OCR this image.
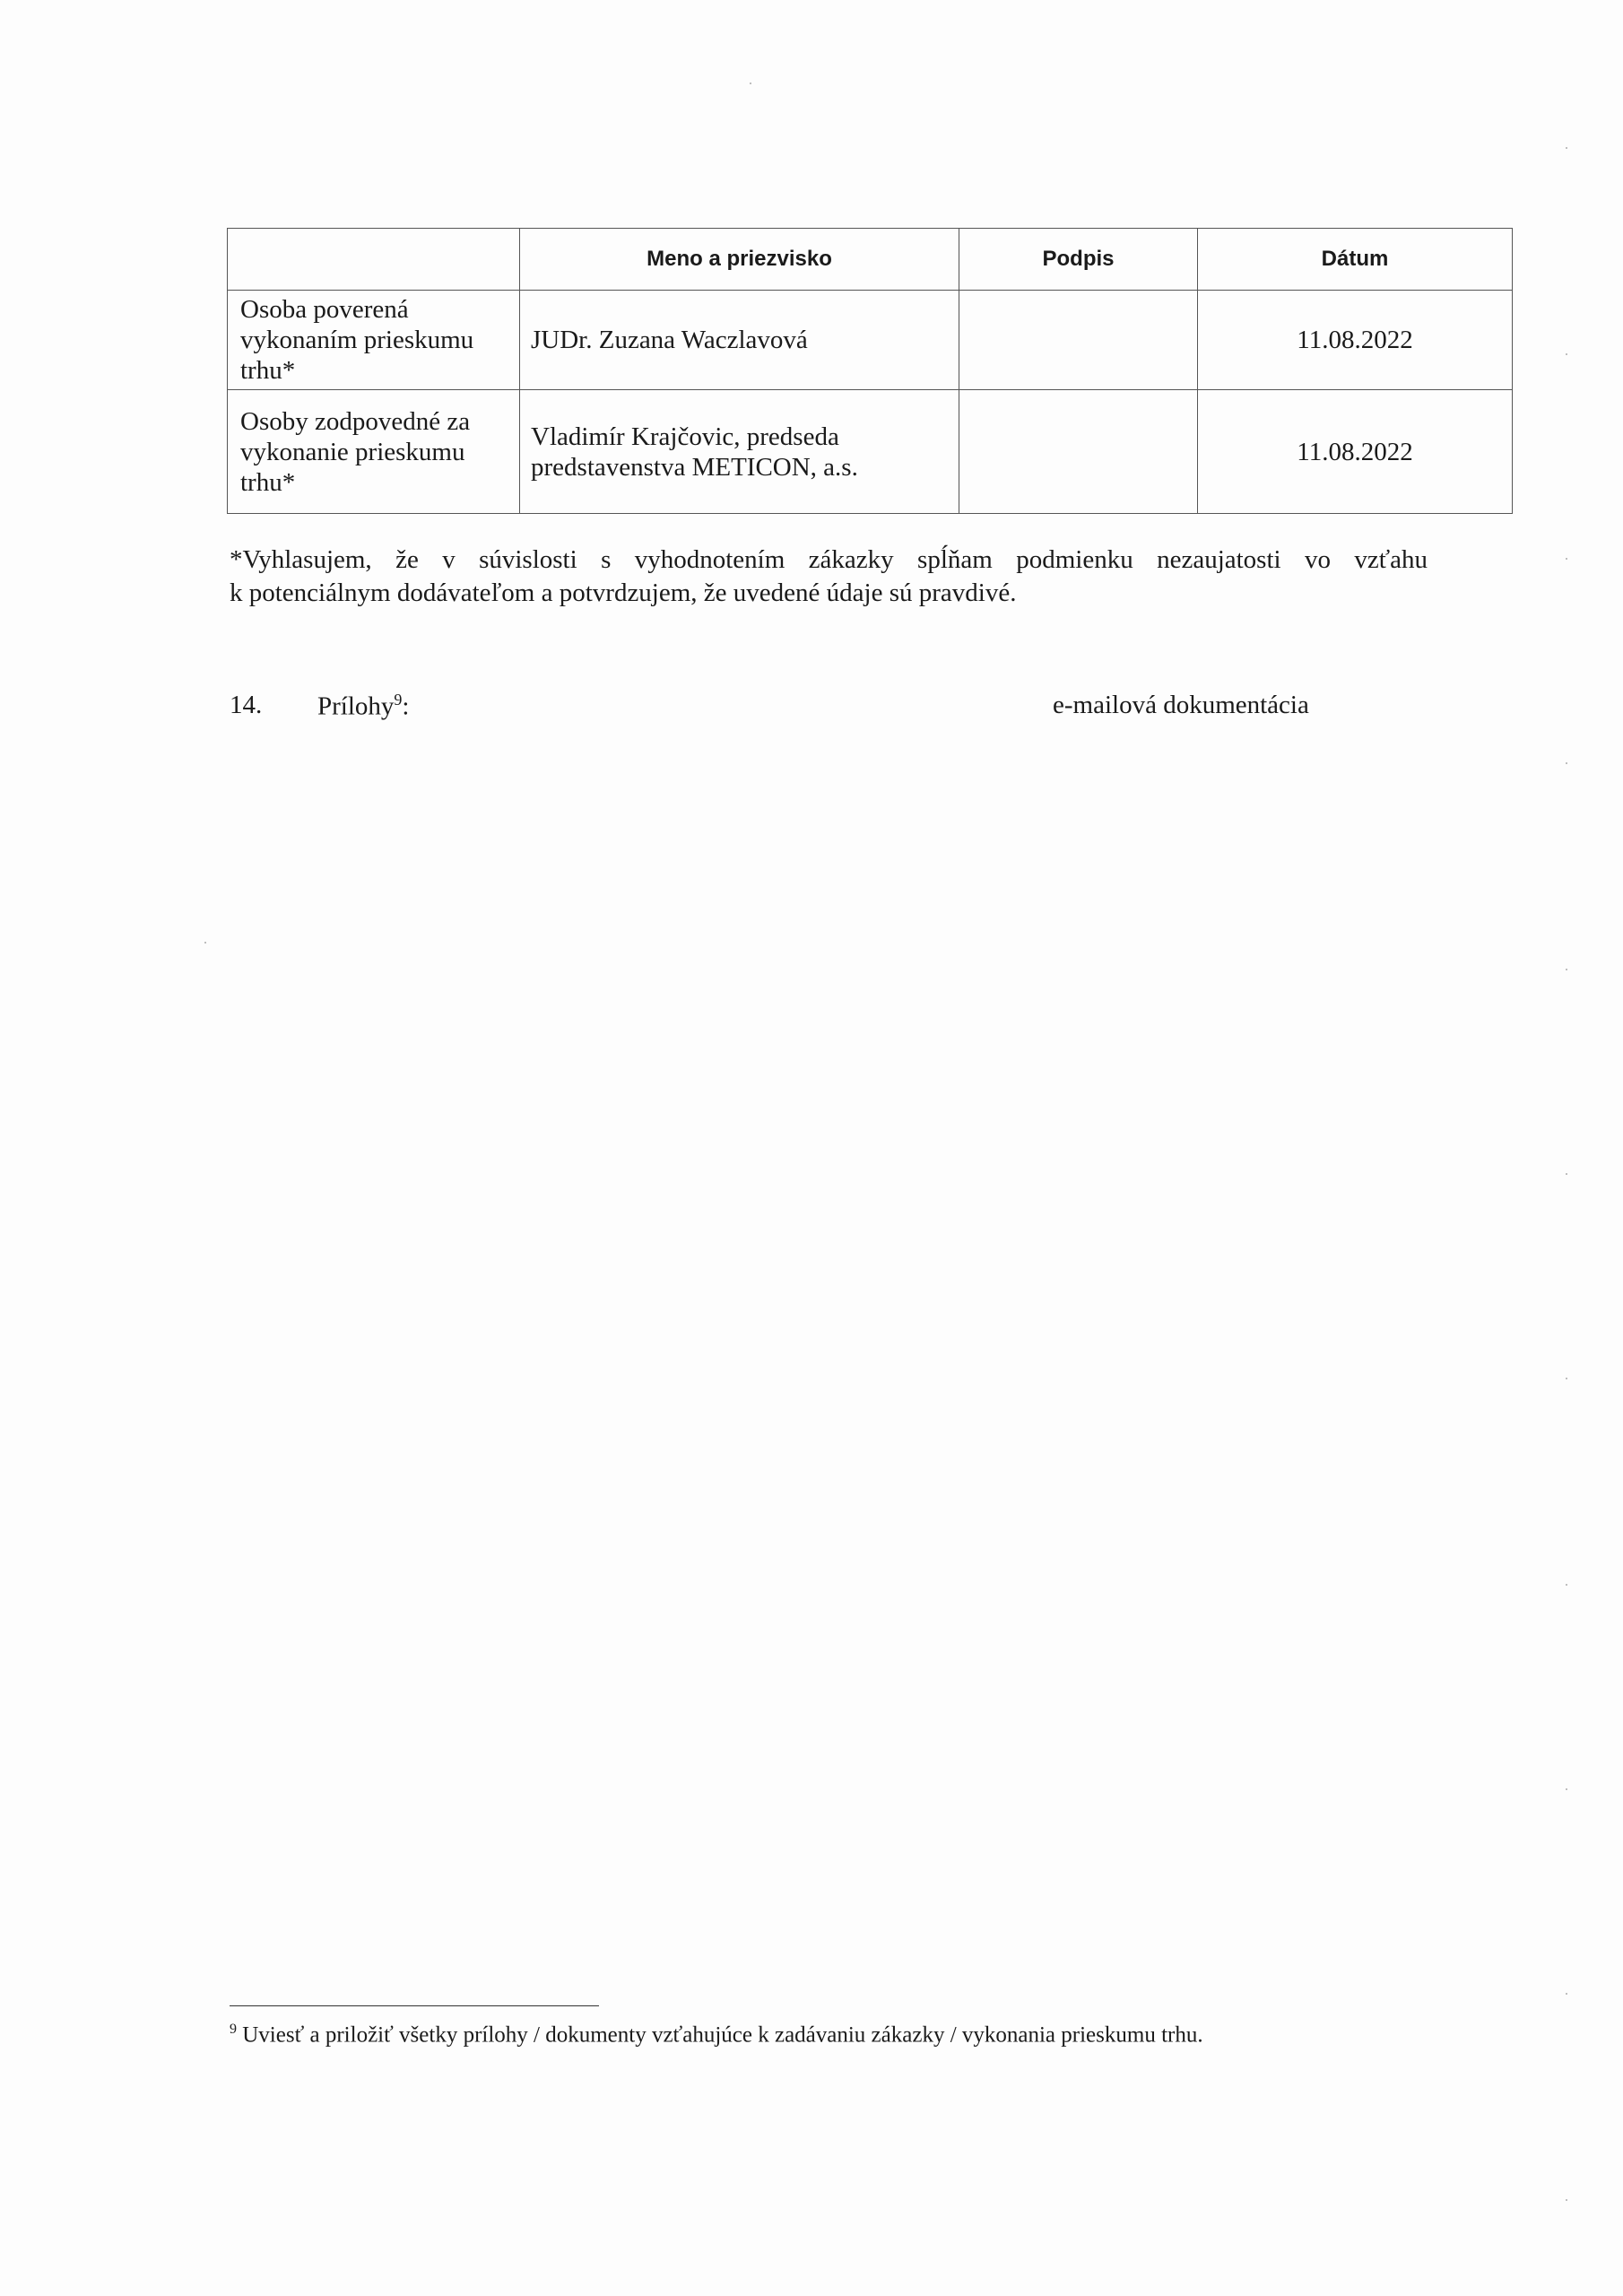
	Meno a priezvisko	Podpis	Dátum
Osoba poverená vykonaním prieskumu trhu*	JUDr. Zuzana Waczlavová		11.08.2022
Osoby zodpovedné za vykonanie prieskumu trhu*	Vladimír Krajčovic, predseda predstavenstva METICON, a.s.		11.08.2022
*Vyhlasujem, že v súvislosti s vyhodnotením zákazky spĺňam podmienku nezaujatosti vo vzťahu
k potenciálnym dodávateľom a potvrdzujem, že uvedené údaje sú pravdivé.
14. Prílohy$^9$:	e-mailová dokumentácia
$^9$ Uviesť a priložiť všetky prílohy / dokumenty vzťahujúce k zadávaniu zákazky / vykonania prieskumu trhu.
